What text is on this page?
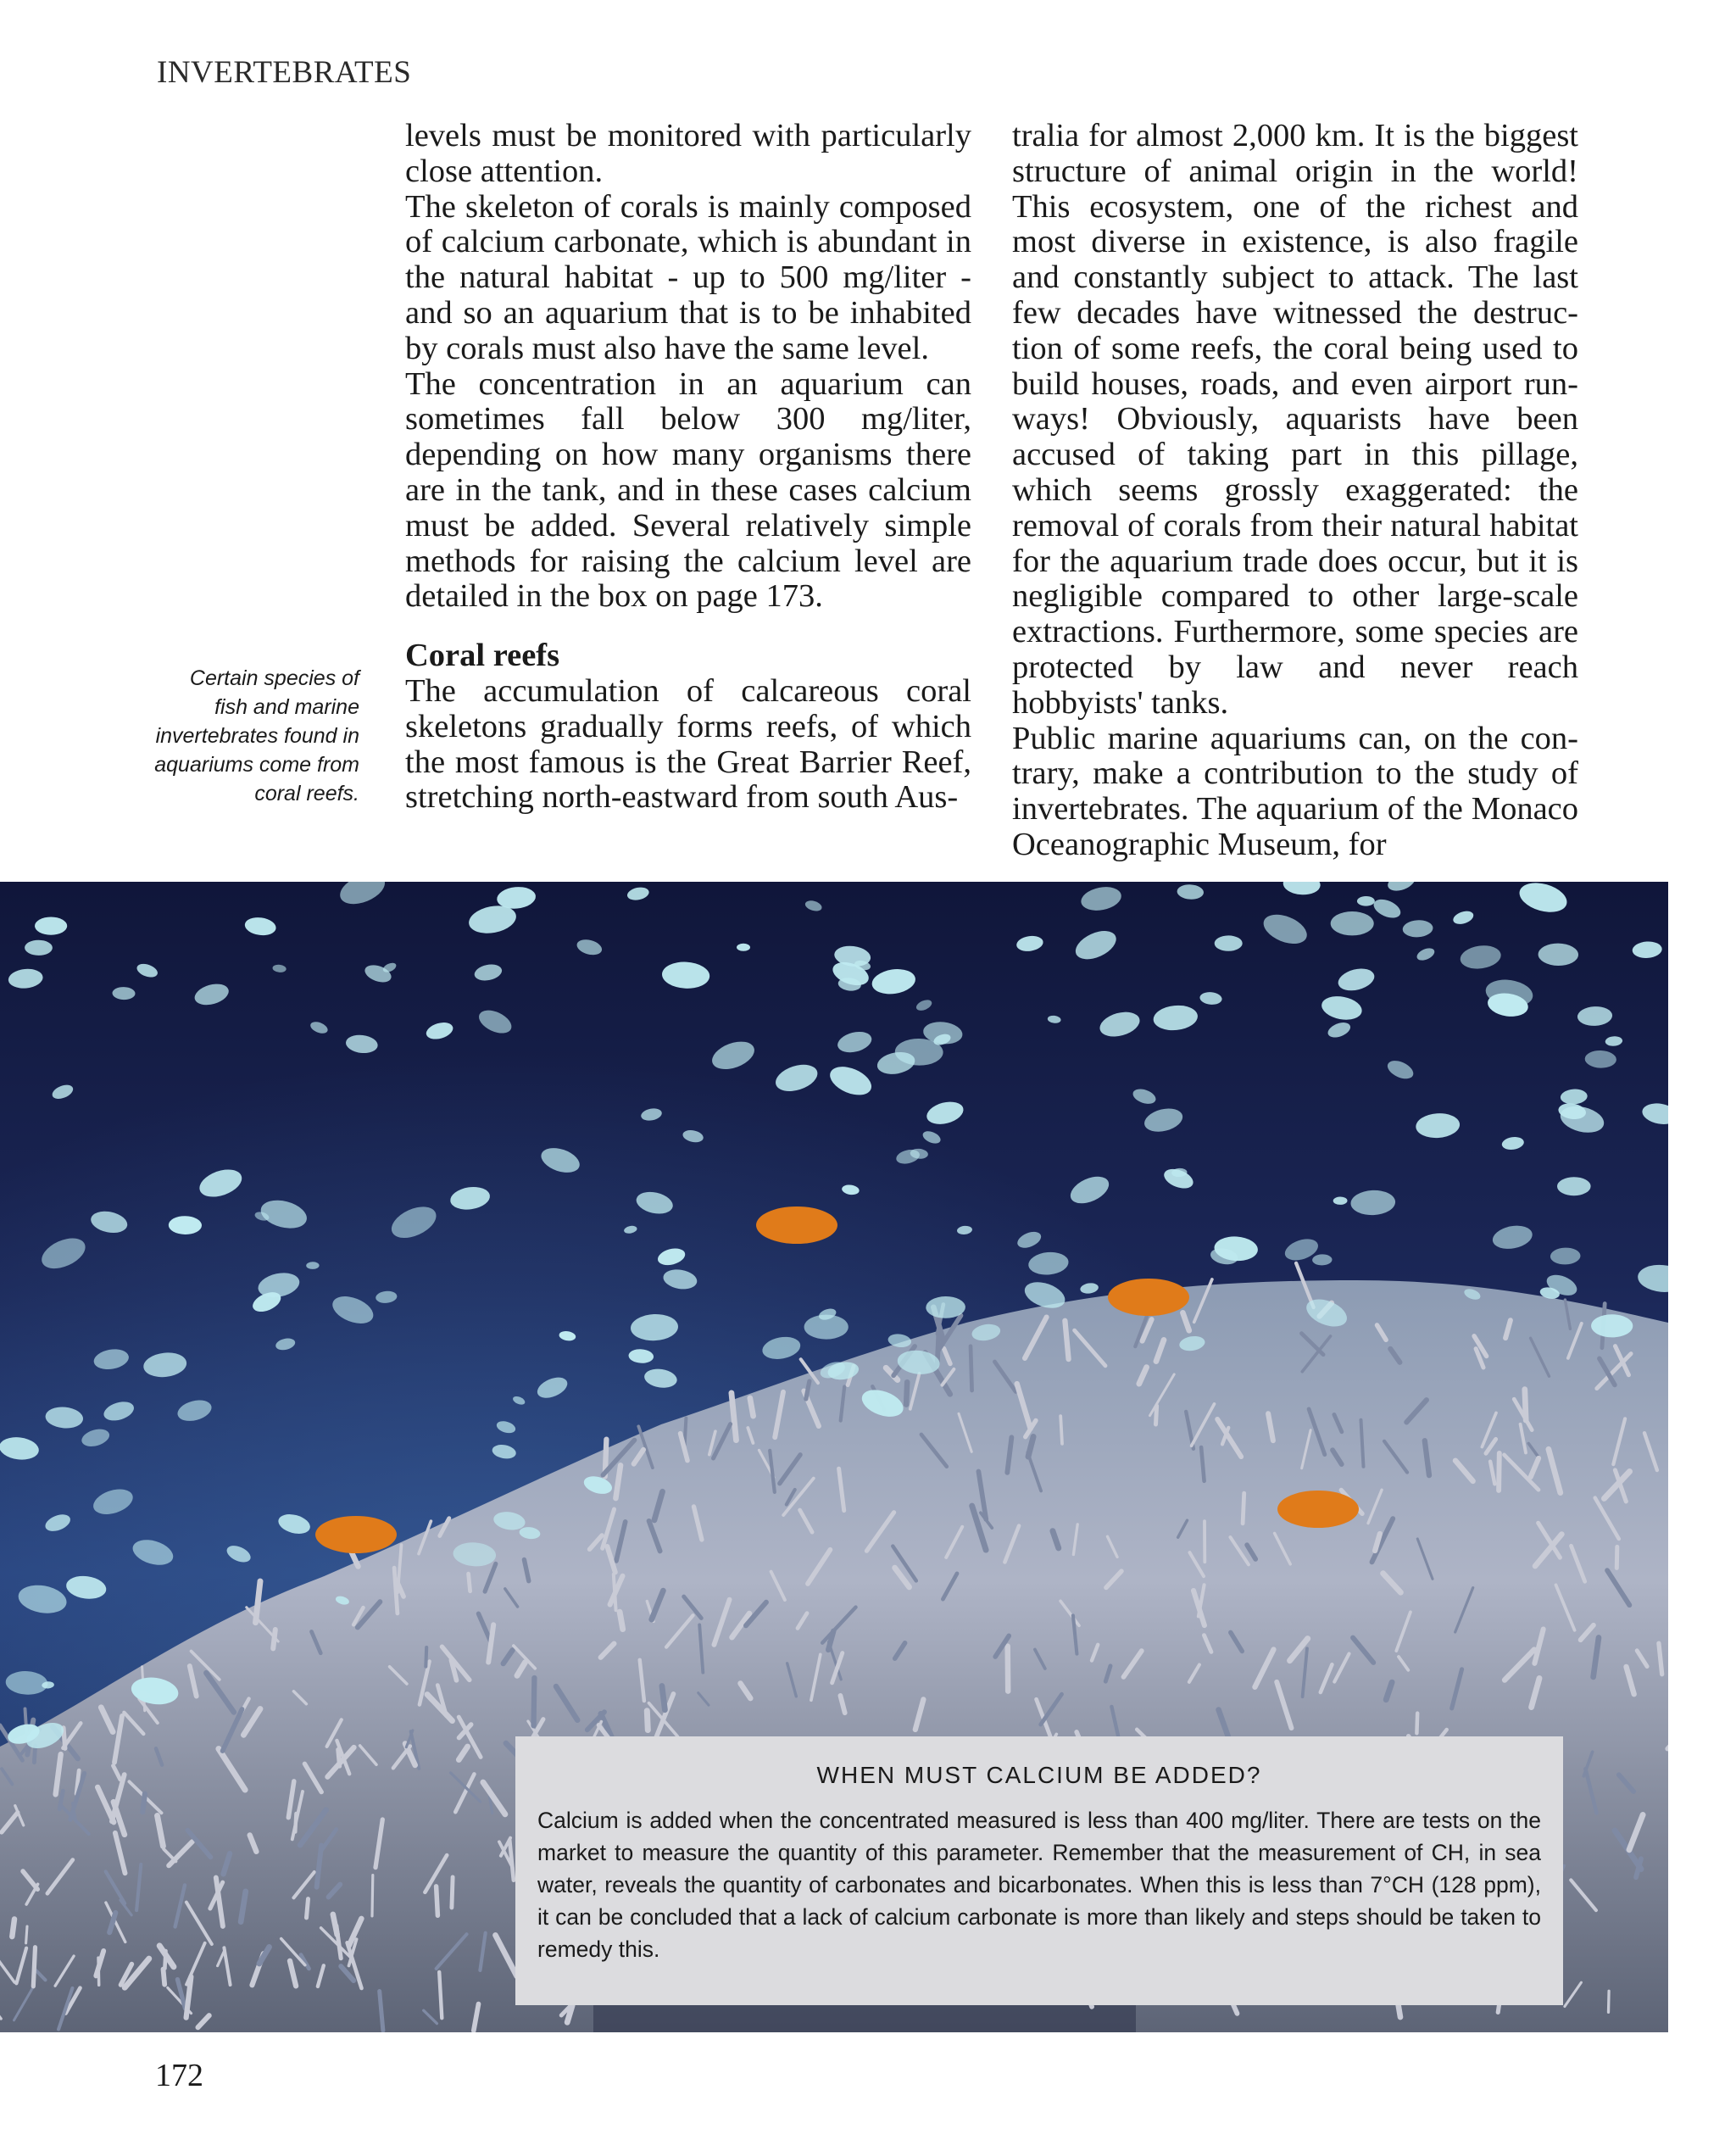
INVERTEBRATES

levels must be monitored with particularly close attention.

The skeleton of corals is mainly composed of calcium carbonate, which is abundant in the natural habitat - up to 500 mg/liter - and so an aquarium that is to be inhabited by corals must also have the same level.

The concentration in an aquarium can sometimes fall below 300 mg/liter, depending on how many organisms there are in the tank, and in these cases calcium must be added. Several relatively simple methods for raising the calcium level are detailed in the box on page 173.

Coral reefs

The accumulation of calcareous coral skeletons gradually forms reefs, of which the most famous is the Great Barrier Reef, stretching north-eastward from south Aus-

tralia for almost 2,000 km. It is the biggest structure of animal origin in the world! This ecosystem, one of the richest and most diverse in existence, is also fragile and constantly subject to attack. The last few decades have witnessed the destruction of some reefs, the coral being used to build houses, roads, and even airport runways! Obviously, aquarists have been accused of taking part in this pillage, which seems grossly exaggerated: the removal of corals from their natural habitat for the aquarium trade does occur, but it is negligible compared to other large-scale extractions. Furthermore, some species are protected by law and never reach hobbyists' tanks.

Public marine aquariums can, on the contrary, make a contribution to the study of invertebrates. The aquarium of the Monaco Oceanographic Museum, for

Certain species of fish and marine invertebrates found in aquariums come from coral reefs.
WHEN MUST CALCIUM BE ADDED?

Calcium is added when the concentrated measured is less than 400 mg/liter. There are tests on the market to measure the quantity of this parameter. Remember that the measurement of CH, in sea water, reveals the quantity of carbonates and bicarbonates. When this is less than 7°CH (128 ppm), it can be concluded that a lack of calcium carbonate is more than likely and steps should be taken to remedy this.

172
